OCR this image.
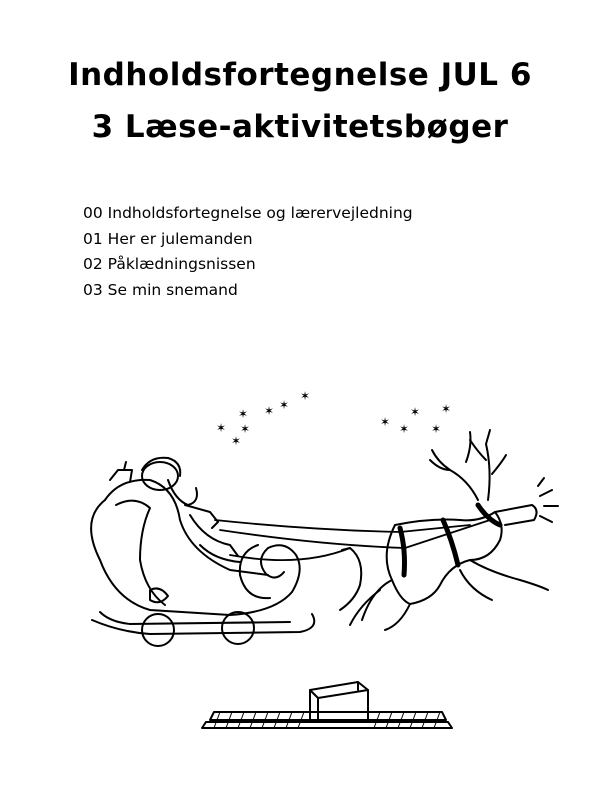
Indholdsfortegnelse JUL 6
3 Læse-aktivitetsbøger
00 Indholdsfortegnelse og lærervejledning
01 Her er julemanden
02 Påklædningsnissen
03 Se min snemand
✶
✶
✶
✶
✶ ✶
✶
✶
✶
✶ ✶ ✶
